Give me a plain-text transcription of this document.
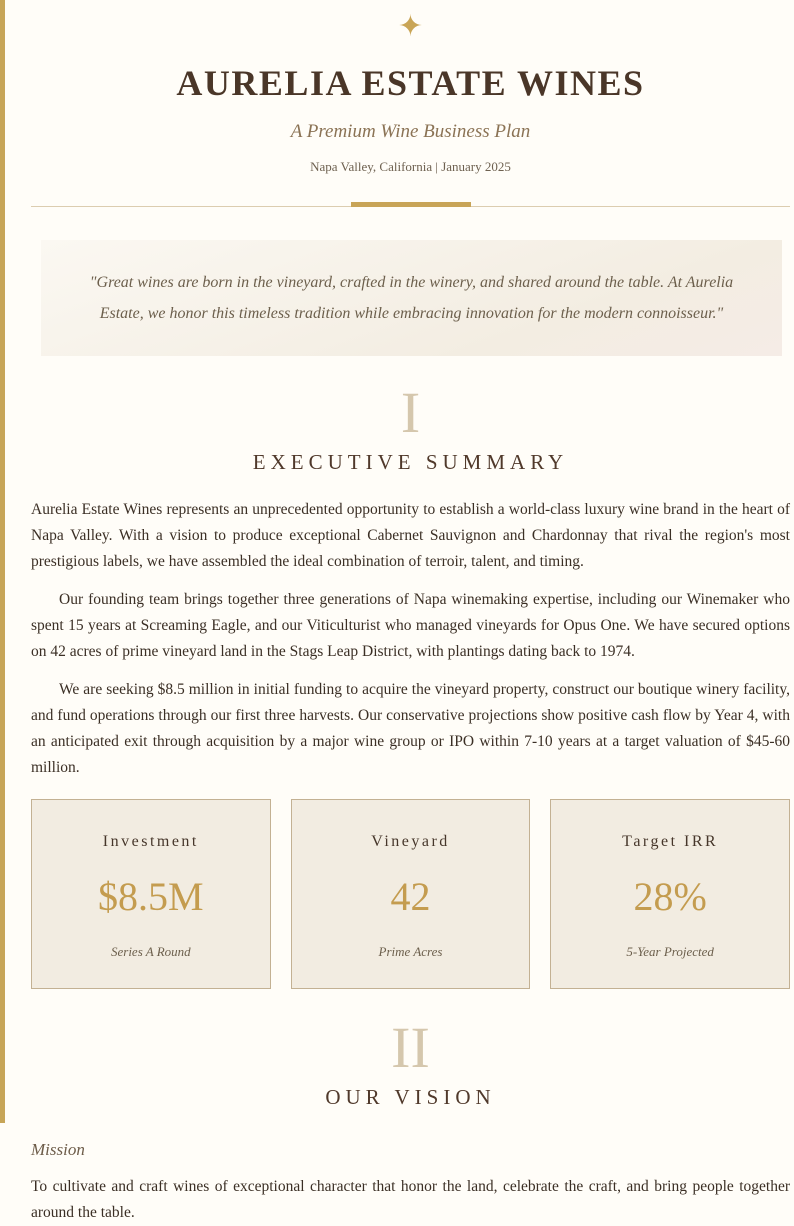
✦
AURELIA ESTATE WINES
A Premium Wine Business Plan
Napa Valley, California | January 2025
"Great wines are born in the vineyard, crafted in the winery, and shared around the table. At Aurelia Estate, we honor this timeless tradition while embracing innovation for the modern connoisseur."
I
EXECUTIVE SUMMARY

Aurelia Estate Wines represents an unprecedented opportunity to establish a world-class luxury wine brand in the heart of Napa Valley. With a vision to produce exceptional Cabernet Sauvignon and Chardonnay that rival the region's most prestigious labels, we have assembled the ideal combination of terroir, talent, and timing.

Our founding team brings together three generations of Napa winemaking expertise, including our Winemaker who spent 15 years at Screaming Eagle, and our Viticulturist who managed vineyards for Opus One. We have secured options on 42 acres of prime vineyard land in the Stags Leap District, with plantings dating back to 1974.

We are seeking $8.5 million in initial funding to acquire the vineyard property, construct our boutique winery facility, and fund operations through our first three harvests. Our conservative projections show positive cash flow by Year 4, with an anticipated exit through acquisition by a major wine group or IPO within 7-10 years at a target valuation of $45-60 million.

Investment
$8.5M
Series A Round
Vineyard
42
Prime Acres
Target IRR
28%
5-Year Projected
II
OUR VISION
Mission

To cultivate and craft wines of exceptional character that honor the land, celebrate the craft, and bring people together around the table.
